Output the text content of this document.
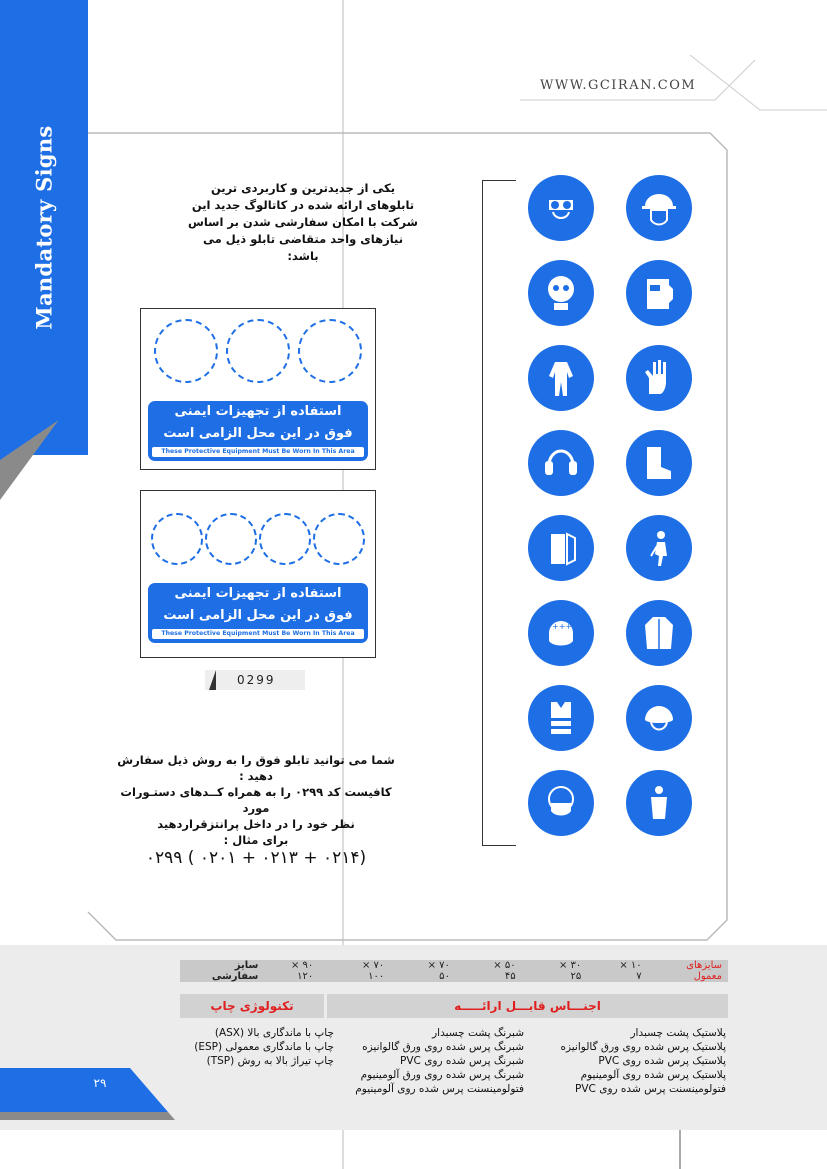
Mandatory Signs
WWW.GCIRAN.COM
یکی از جدیدترین و کاربردی ترین تابلوهای ارائه شده در کاتالوگ جدید این شرکت با امکان سفارشی شدن بر اساس نیازهای واحد متقاضی تابلو ذیل می باشد:
استفاده از تجهیزات ایمنی
فوق در این محل الزامی است
These Protective Equipment Must Be Worn In This Area
استفاده از تجهیزات ایمنی
فوق در این محل الزامی است
These Protective Equipment Must Be Worn In This Area
0299
شما می توانید تابلو فوق را به روش ذیل سفارش دهید :
کافیست کد ۰۲۹۹ را به همراه کــدهای دستـورات مورد
نظر خود را در داخل پرانتزقراردهید
برای مثال :
۰۲۹۹ ( ۰۲۰۱ + ۰۲۱۳ + ۰۲۱۴)
+++
سایزهای معمول
۱۰ × ۷
۳۰ × ۲۵
۵۰ × ۴۵
۷۰ × ۵۰
۷۰ × ۱۰۰
۹۰ × ۱۲۰
سایز سفارشی
اجنـــاس قابـــل ارائـــــه
تکنولوژی چاپ
پلاستیک پشت چسبدار
پلاستیک پرس شده روی ورق گالوانیزه
پلاستیک پرس شده روی PVC
پلاستیک پرس شده روی آلومینیوم
فتولومینسنت پرس شده روی PVC
شبرنگ پشت چسبدار
شبرنگ پرس شده روی ورق گالوانیزه
شبرنگ پرس شده روی PVC
شبرنگ پرس شده روی ورق آلومینیوم
فتولومینسنت پرس شده روی آلومینیوم
چاپ با ماندگاری بالا (ASX)
چاپ با ماندگاری معمولی (ESP)
چاپ تیراژ بالا به روش (TSP)
۲۹
